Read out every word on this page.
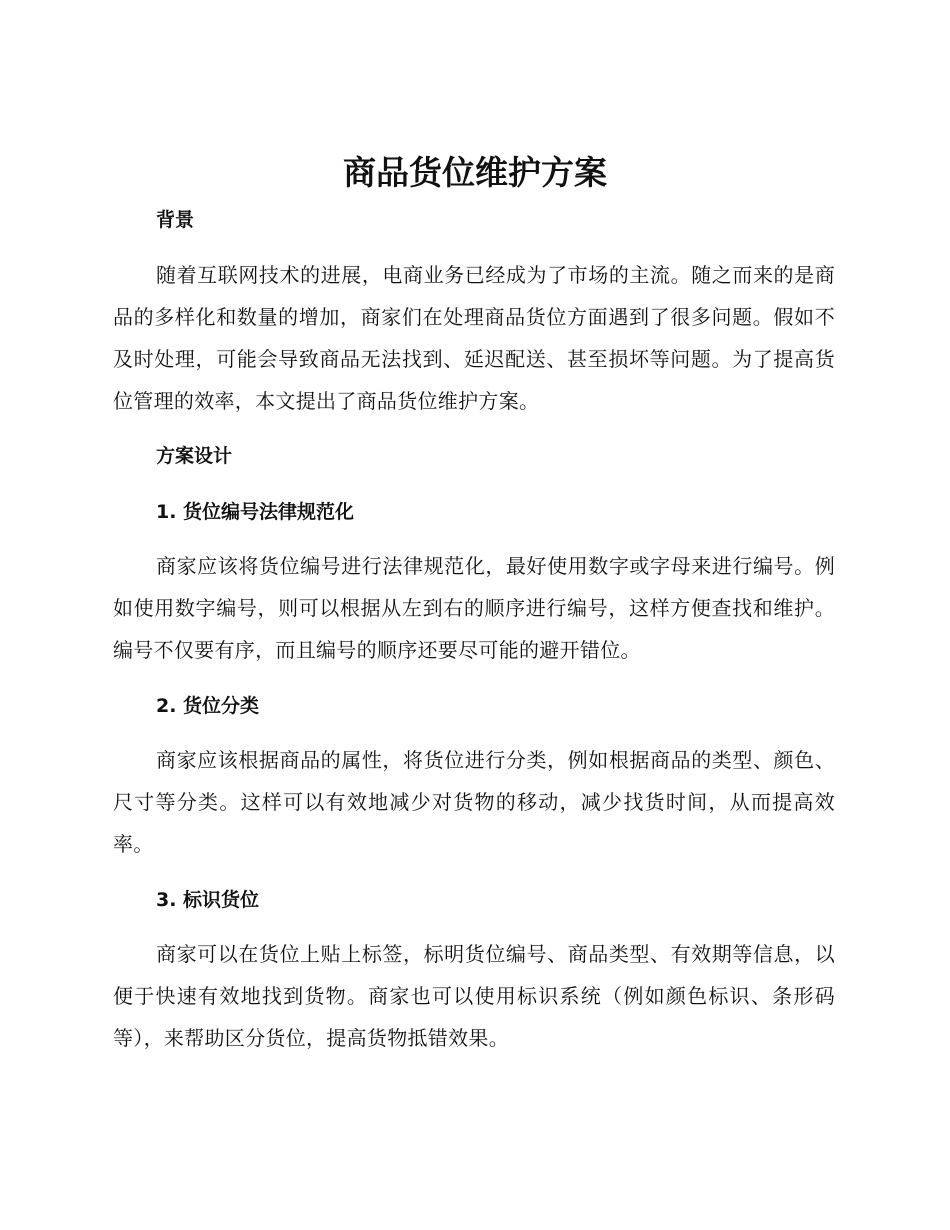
商品货位维护方案
背景

随着互联网技术的进展，电商业务已经成为了市场的主流。随之而来的是商品的多样化和数量的增加，商家们在处理商品货位方面遇到了很多问题。假如不及时处理，可能会导致商品无法找到、延迟配送、甚至损坏等问题。为了提高货位管理的效率，本文提出了商品货位维护方案。

方案设计
1. 货位编号法律规范化

商家应该将货位编号进行法律规范化，最好使用数字或字母来进行编号。例如使用数字编号，则可以根据从左到右的顺序进行编号，这样方便查找和维护。编号不仅要有序，而且编号的顺序还要尽可能的避开错位。

2. 货位分类

商家应该根据商品的属性，将货位进行分类，例如根据商品的类型、颜色、尺寸等分类。这样可以有效地减少对货物的移动，减少找货时间，从而提高效率。

3. 标识货位

商家可以在货位上贴上标签，标明货位编号、商品类型、有效期等信息，以便于快速有效地找到货物。商家也可以使用标识系统（例如颜色标识、条形码等），来帮助区分货位，提高货物抵错效果。
